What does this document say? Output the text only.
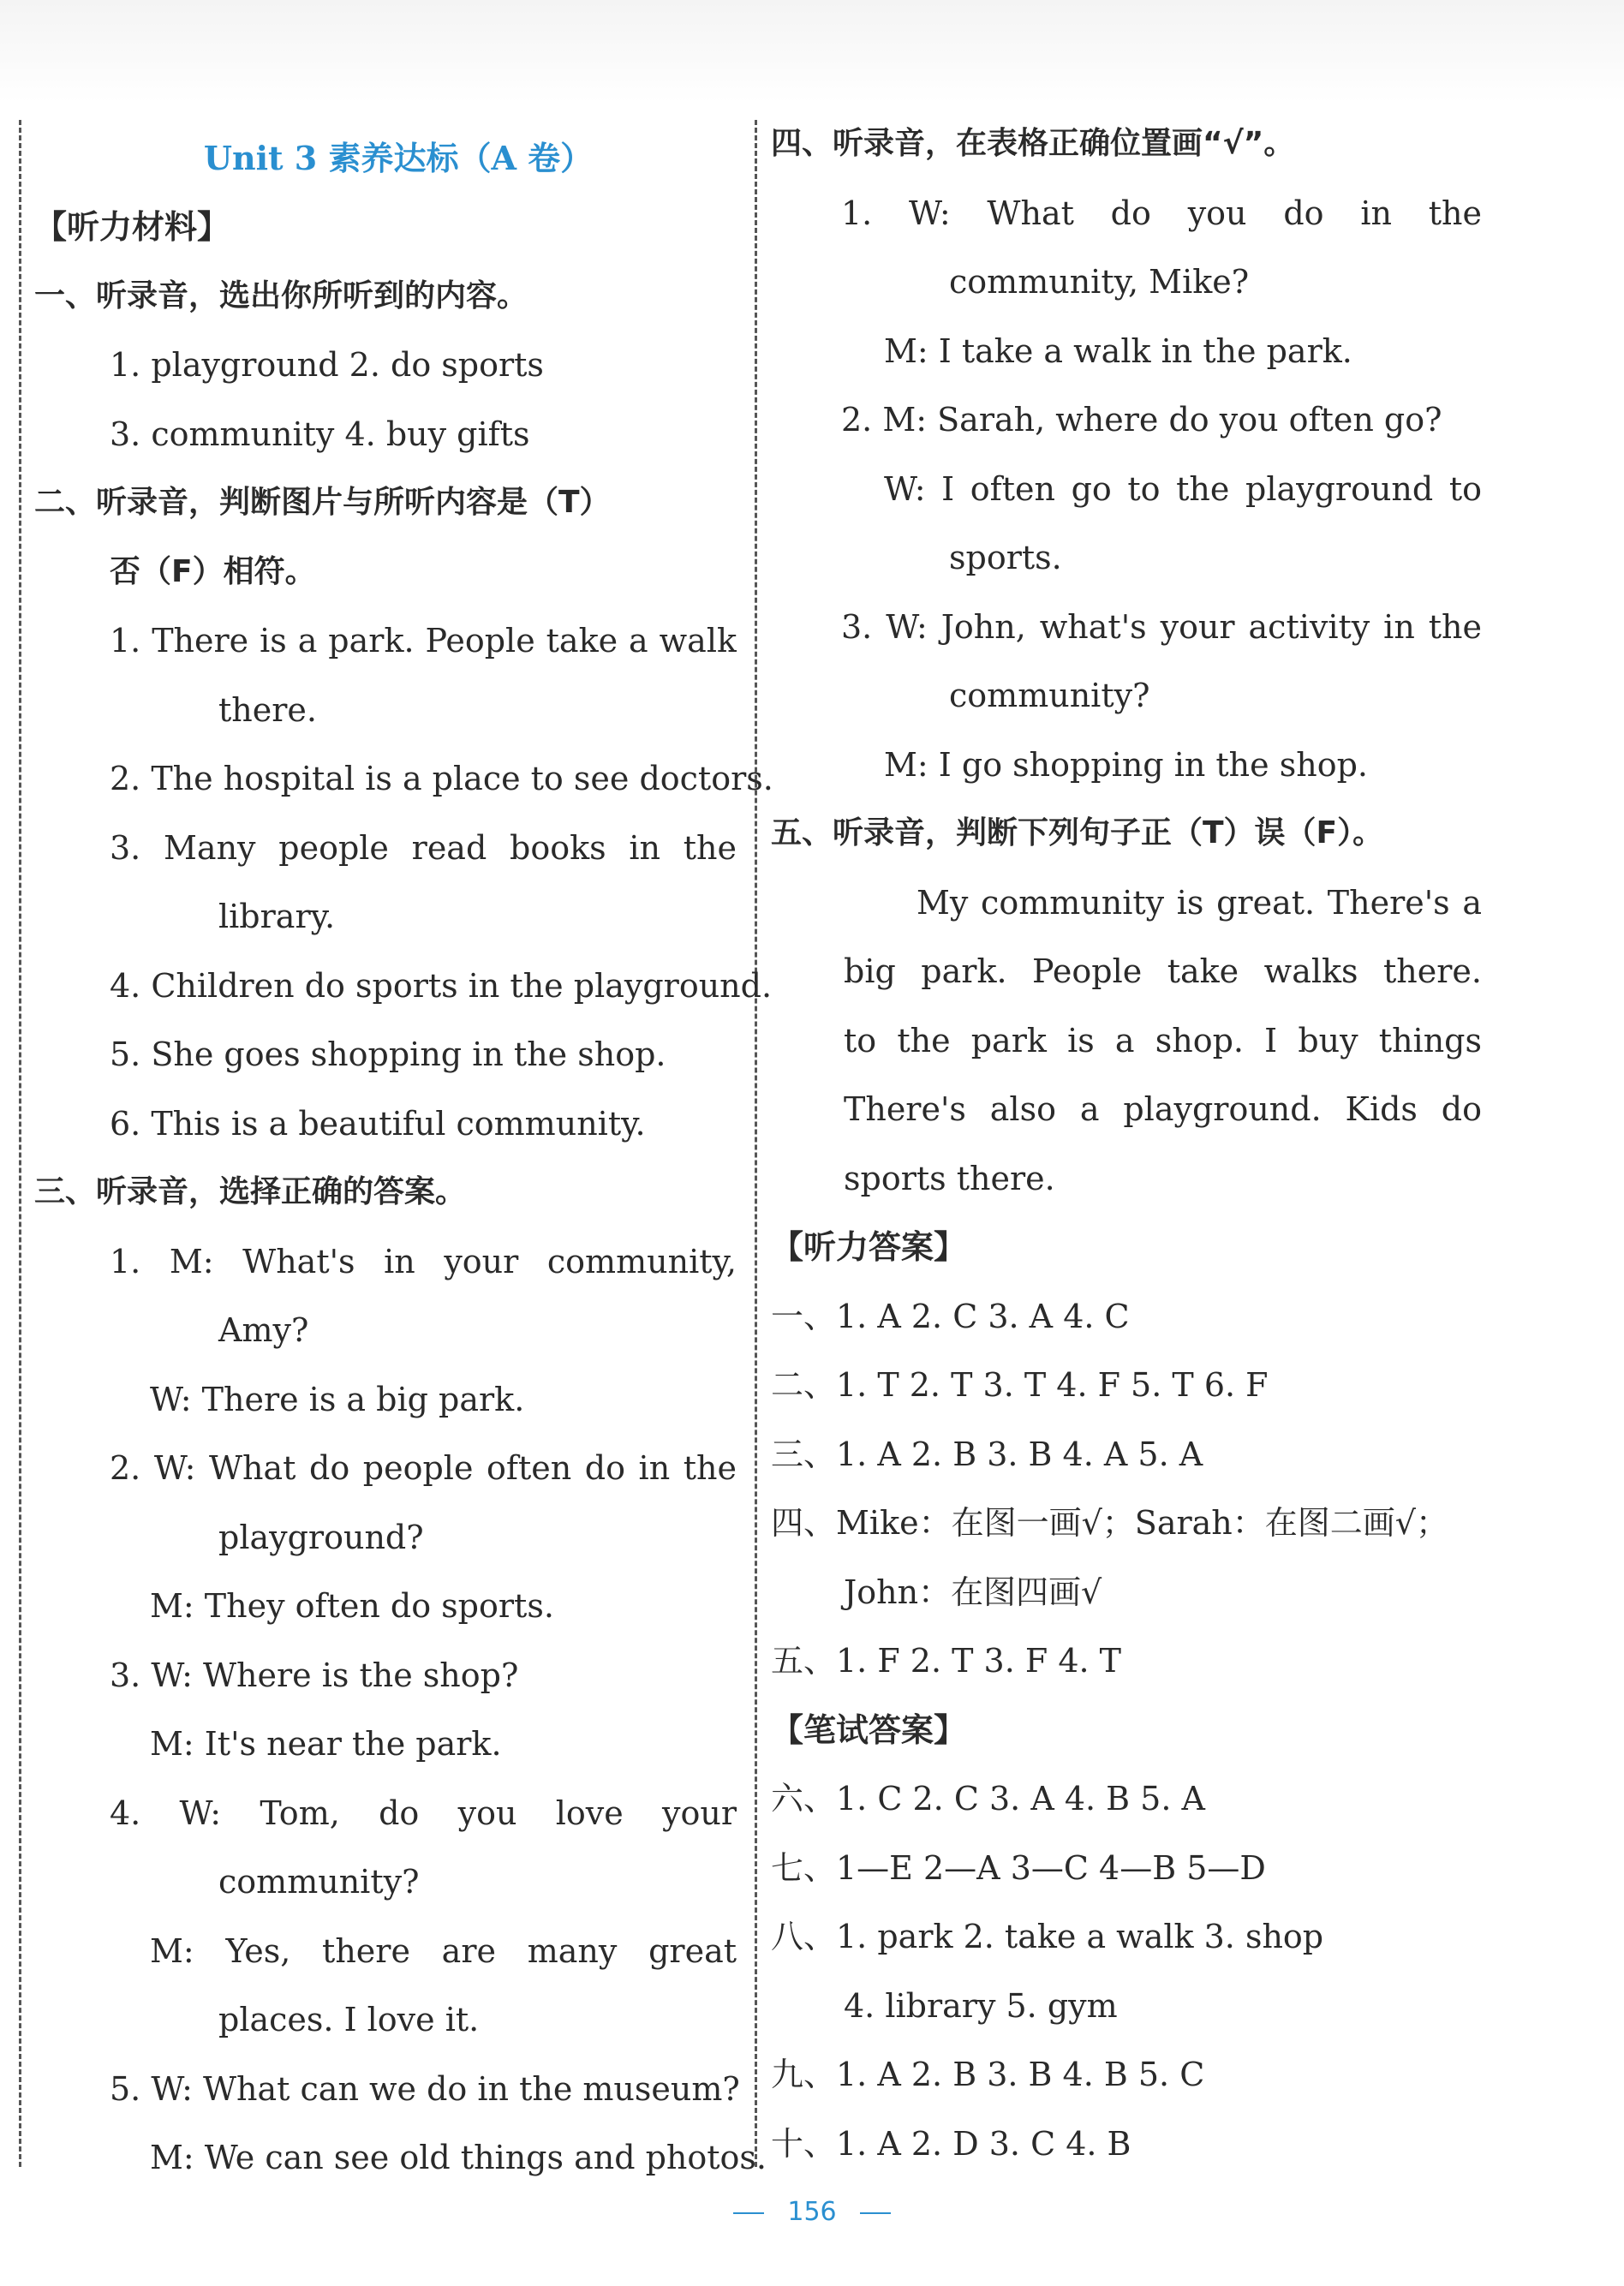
Unit 3 素养达标（A 卷）
【听力材料】
一、听录音，选出你所听到的内容。
1. playground 2. do sports
3. community 4. buy gifts
二、听录音，判断图片与所听内容是（T）
否（F）相符。
1. There is a park. People take a walk
there.
2. The hospital is a place to see doctors.
3. Many people read books in the
library.
4. Children do sports in the playground.
5. She goes shopping in the shop.
6. This is a beautiful community.
三、听录音，选择正确的答案。
1. M: What's in your community,
Amy?
W: There is a big park.
2. W: What do people often do in the
playground?
M: They often do sports.
3. W: Where is the shop?
M: It's near the park.
4. W: Tom, do you love your
community?
M: Yes, there are many great
places. I love it.
5. W: What can we do in the museum?
M: We can see old things and photos.
四、听录音，在表格正确位置画“√”。
1. W: What do you do in the
community, Mike?
M: I take a walk in the park.
2. M: Sarah, where do you often go?
W: I often go to the playground to
sports.
3. W: John, what's your activity in the
community?
M: I go shopping in the shop.
五、听录音，判断下列句子正（T）误（F）。
My community is great. There's a
big park. People take walks there.
to the park is a shop. I buy things
There's also a playground. Kids do
sports there.
【听力答案】
一、1. A 2. C 3. A 4. C
二、1. T 2. T 3. T 4. F 5. T 6. F
三、1. A 2. B 3. B 4. A 5. A
四、Mike：在图一画√；Sarah：在图二画√；
John：在图四画√
五、1. F 2. T 3. F 4. T
【笔试答案】
六、1. C 2. C 3. A 4. B 5. A
七、1—E 2—A 3—C 4—B 5—D
八、1. park 2. take a walk 3. shop
4. library 5. gym
九、1. A 2. B 3. B 4. B 5. C
十、1. A 2. D 3. C 4. B
156
